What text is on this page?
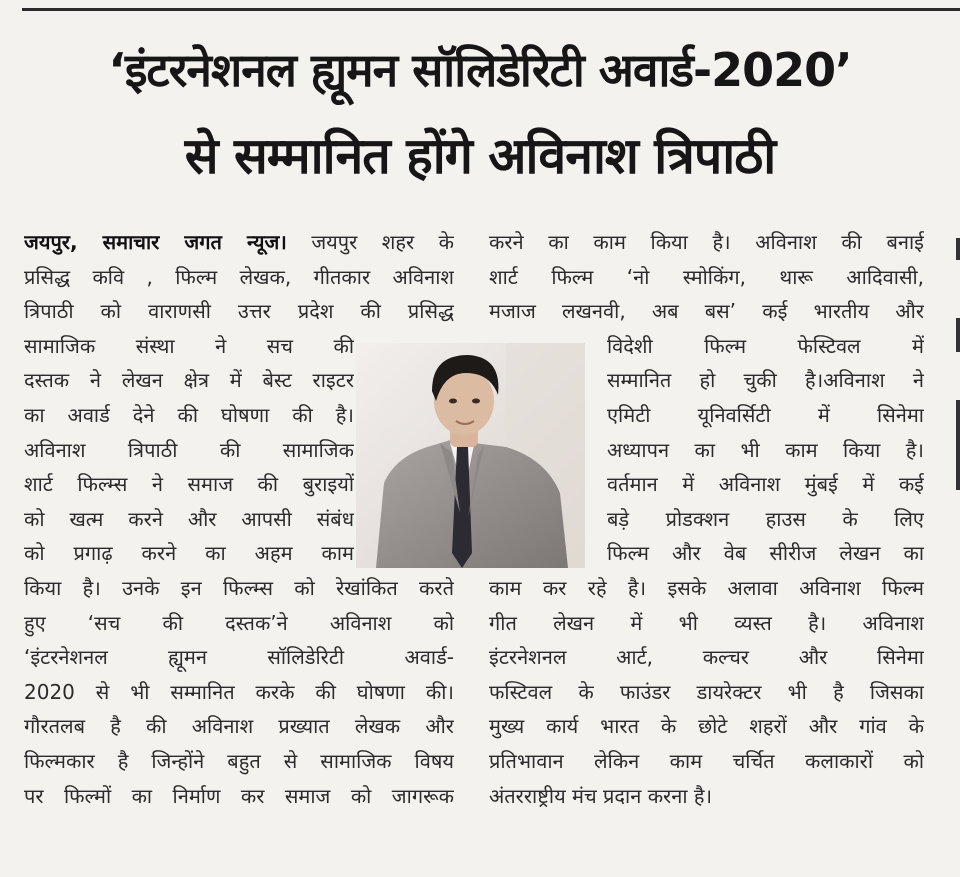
‘इंटरनेशनल ह्यूमन सॉलिडेरिटी अवार्ड-2020’
से सम्मानित होंगे अविनाश त्रिपाठी
जयपुर, समाचार जगत न्यूज। जयपुर शहर के
प्रसिद्ध कवि , फिल्म लेखक, गीतकार अविनाश
त्रिपाठी को वाराणसी उत्तर प्रदेश की प्रसिद्ध
सामाजिक संस्था ने सच की
दस्तक ने लेखन क्षेत्र में बेस्ट राइटर
का अवार्ड देने की घोषणा की है।
अविनाश त्रिपाठी की सामाजिक
शार्ट फिल्म्स ने समाज की बुराइयों
को खत्म करने और आपसी संबंध
को प्रगाढ़ करने का अहम काम
किया है। उनके इन फिल्म्स को रेखांकित करते
हुए ‘सच की दस्तक’ने अविनाश को
‘इंटरनेशनल ह्यूमन सॉलिडेरिटी अवार्ड-
2020 से भी सम्मानित करके की घोषणा की।
गौरतलब है की अविनाश प्रख्यात लेखक और
फिल्मकार है जिन्होंने बहुत से सामाजिक विषय
पर फिल्मों का निर्माण कर समाज को जागरूक
करने का काम किया है। अविनाश की बनाई
शार्ट फिल्म ‘नो स्मोकिंग, थारू आदिवासी,
मजाज लखनवी, अब बस’ कई भारतीय और
विदेशी फिल्म फेस्टिवल में
सम्मानित हो चुकी है।अविनाश ने
एमिटी यूनिवर्सिटी में सिनेमा
अध्यापन का भी काम किया है।
वर्तमान में अविनाश मुंबई में कई
बड़े प्रोडक्शन हाउस के लिए
फिल्म और वेब सीरीज लेखन का
काम कर रहे है। इसके अलावा अविनाश फिल्म
गीत लेखन में भी व्यस्त है। अविनाश
इंटरनेशनल आर्ट, कल्चर और सिनेमा
फस्टिवल के फाउंडर डायरेक्टर भी है जिसका
मुख्य कार्य भारत के छोटे शहरों और गांव के
प्रतिभावान लेकिन काम चर्चित कलाकारों को
अंतरराष्ट्रीय मंच प्रदान करना है।
